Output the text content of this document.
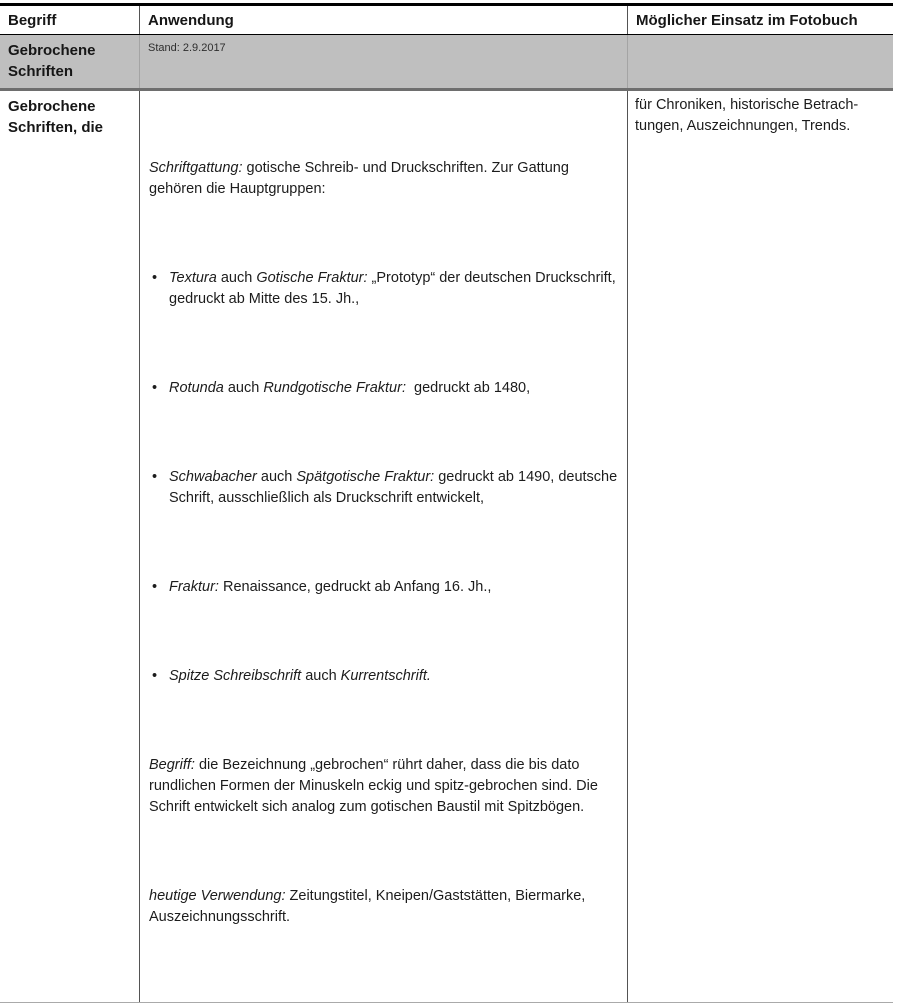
Begriff	Anwendung	Möglicher Einsatz im Fotobuch
Gebrochene Schriften
Stand: 2.9.2017
Gebrochene Schriften, die

Schriftgattung: gotische Schreib- und Druckschriften. Zur Gattung gehören die Hauptgruppen:

• Textura auch Gotische Fraktur: „Prototyp“ der deutschen Druckschrift, gedruckt ab Mitte des 15. Jh.,

• Rotunda auch Rundgotische Fraktur:  gedruckt ab 1480,

• Schwabacher auch Spätgotische Fraktur: gedruckt ab 1490, deutsche Schrift, ausschließlich als Druckschrift entwickelt,

• Fraktur: Renaissance, gedruckt ab Anfang 16. Jh.,

• Spitze Schreibschrift auch Kurrentschrift.

Begriff: die Bezeichnung „gebrochen“ rührt daher, dass die bis dato rundlichen Formen der Minuskeln eckig und spitz-gebrochen sind. Die Schrift entwickelt sich analog zum gotischen Baustil mit Spitzbögen.

heutige Verwendung: Zeitungstitel, Kneipen/Gaststätten, Biermarke, Auszeichnungsschrift.

für Chroniken, historische Betrach-
tungen, Auszeichnungen, Trends.
